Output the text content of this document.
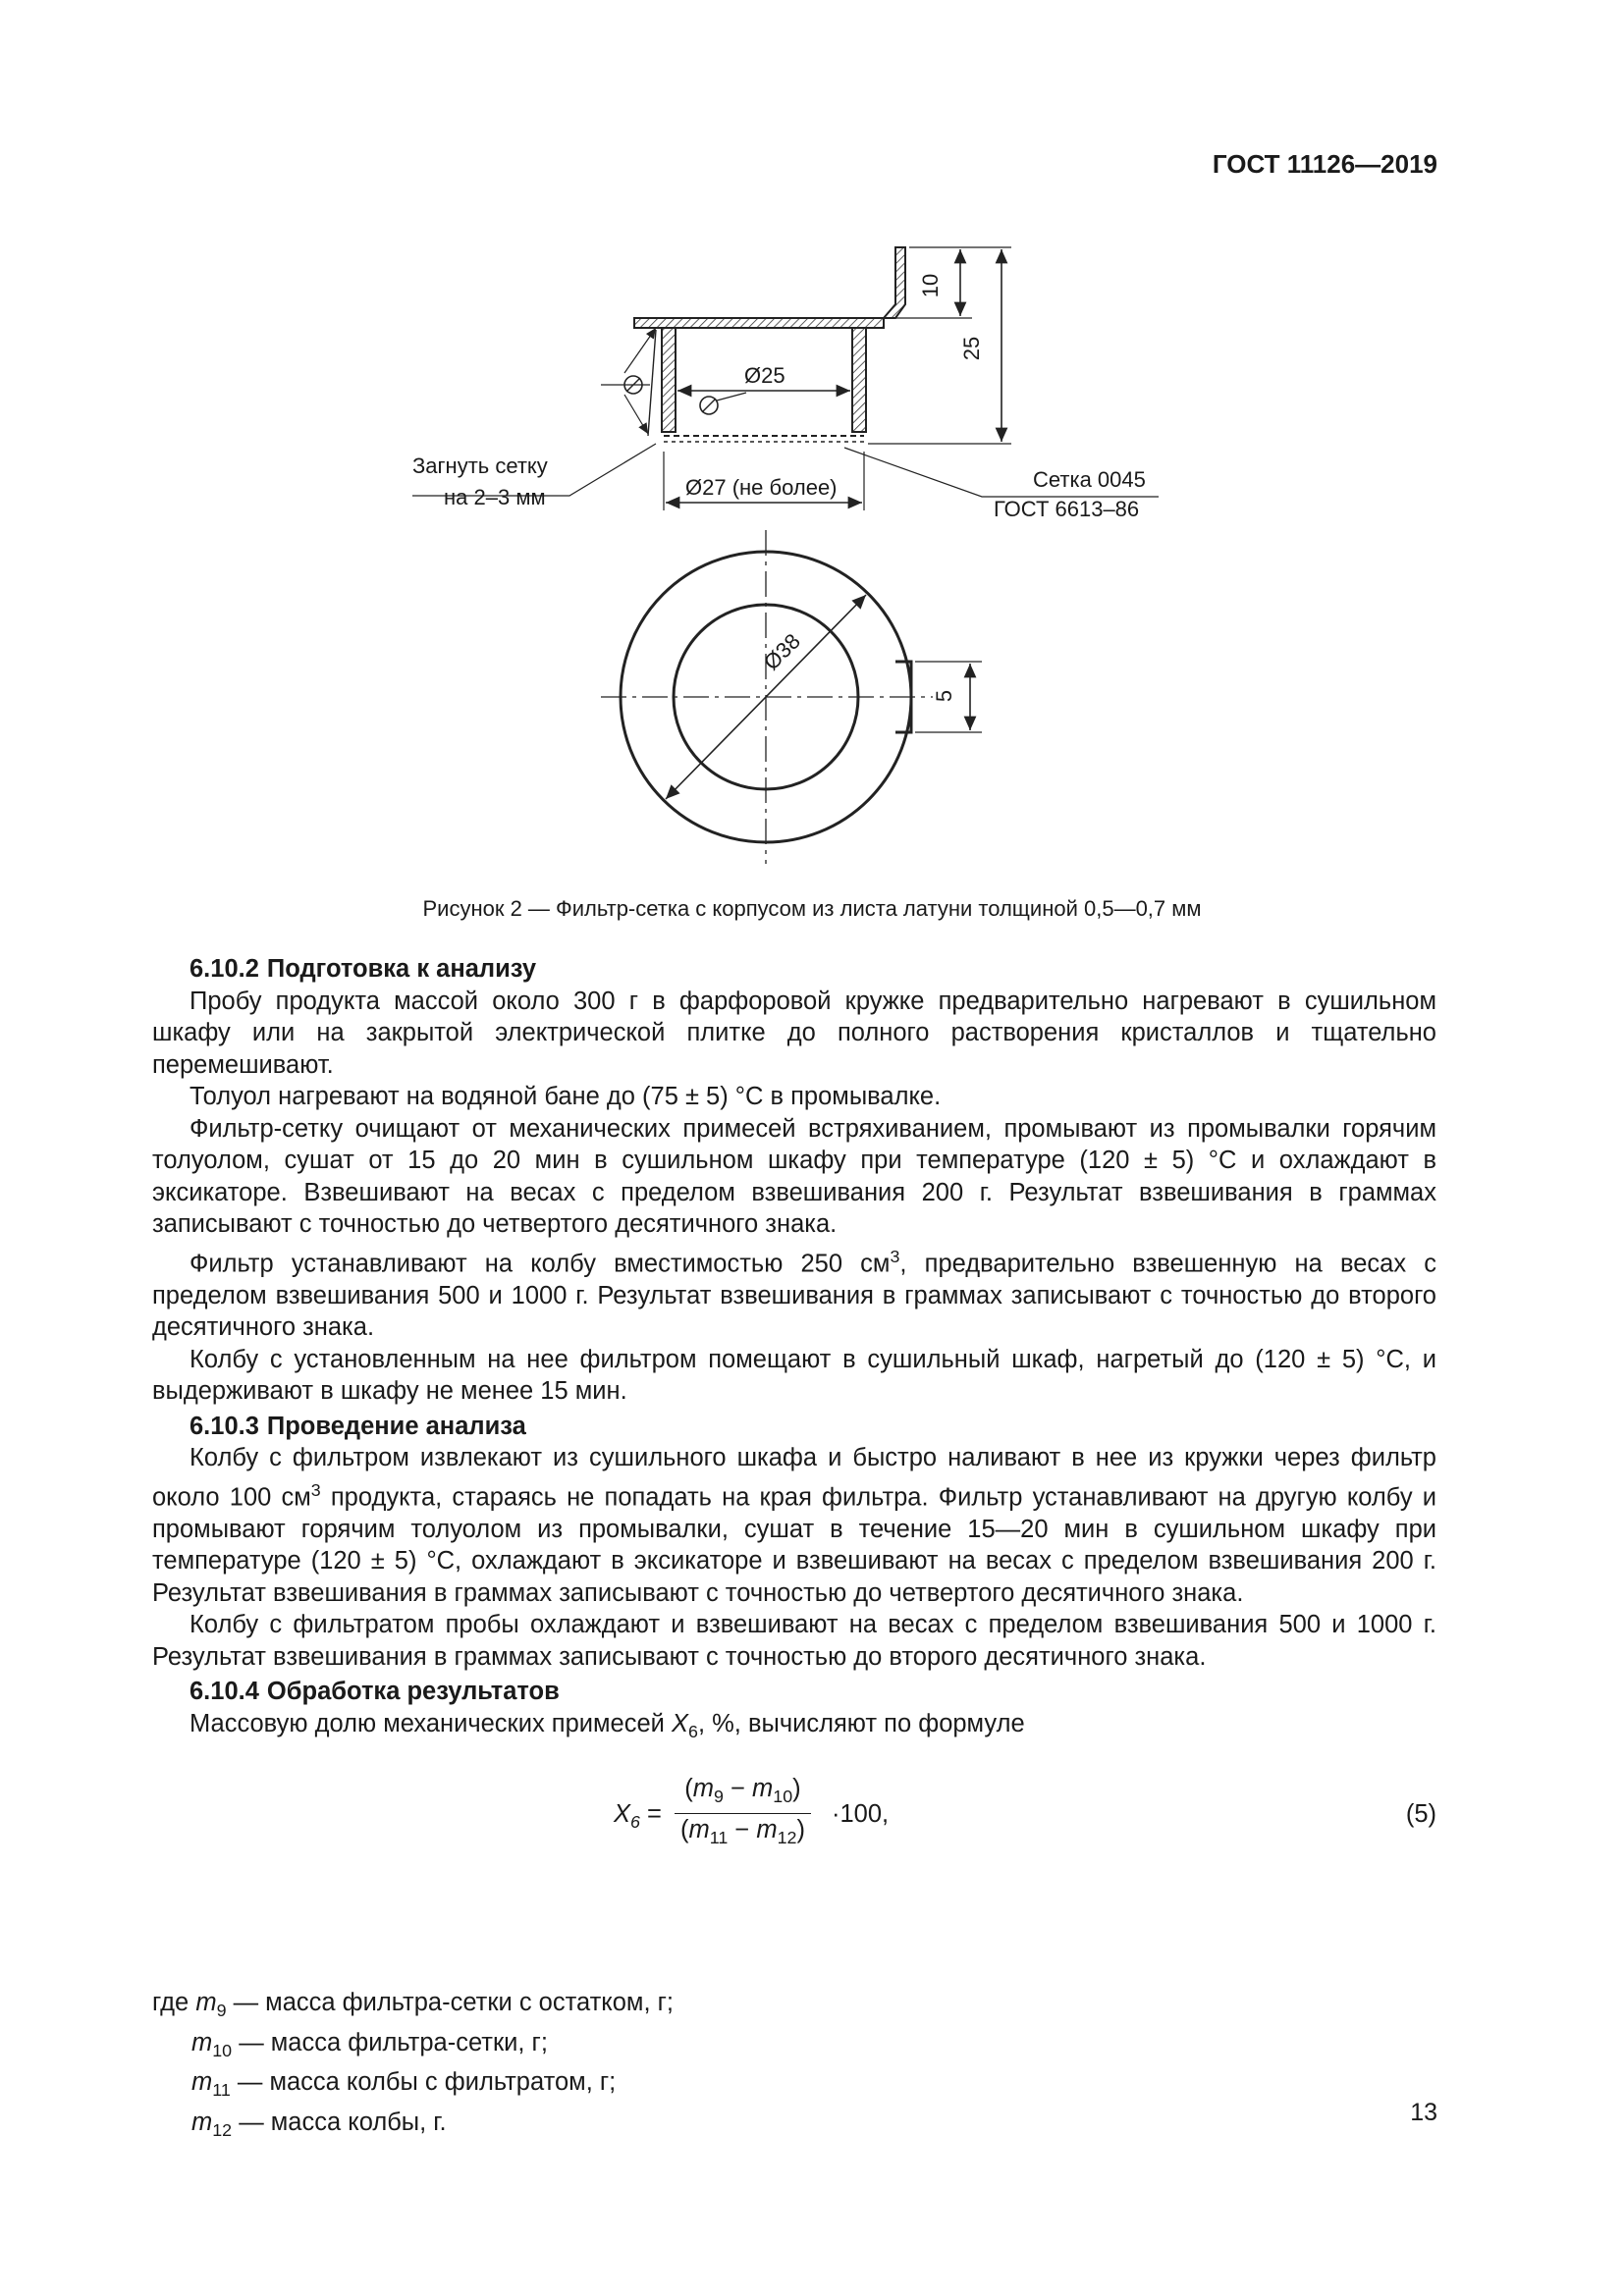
ГОСТ 11126—2019
Ø25
Ø27 (не более)
Загнуть сетку
на 2–3 мм
Сетка 0045
ГОСТ 6613–86
10
25
Ø38
5
Рисунок 2 — Фильтр-сетка с корпусом из листа латуни толщиной 0,5—0,7 мм
6.10.2 Подготовка к анализу

Пробу продукта массой около 300 г в фарфоровой кружке предварительно нагревают в сушильном шкафу или на закрытой электрической плитке до полного растворения кристаллов и тщательно перемешивают.

Толуол нагревают на водяной бане до (75 ± 5) °С в промывалке.

Фильтр-сетку очищают от механических примесей встряхиванием, промывают из промывалки горячим толуолом, сушат от 15 до 20 мин в сушильном шкафу при температуре (120 ± 5) °С и охлаждают в эксикаторе. Взвешивают на весах с пределом взвешивания 200 г. Результат взвешивания в граммах записывают с точностью до четвертого десятичного знака.

Фильтр устанавливают на колбу вместимостью 250 $см^3$, предварительно взвешенную на весах с пределом взвешивания 500 и 1000 г. Результат взвешивания в граммах записывают с точностью до второго десятичного знака.

Колбу с установленным на нее фильтром помещают в сушильный шкаф, нагретый до (120 ± 5) °С, и выдерживают в шкафу не менее 15 мин.

6.10.3 Проведение анализа

Колбу с фильтром извлекают из сушильного шкафа и быстро наливают в нее из кружки через фильтр около 100 $см^3$ продукта, стараясь не попадать на края фильтра. Фильтр устанавливают на другую колбу и промывают горячим толуолом из промывалки, сушат в течение 15—20 мин в сушильном шкафу при температуре (120 ± 5) °С, охлаждают в эксикаторе и взвешивают на весах с пределом взвешивания 200 г. Результат взвешивания в граммах записывают с точностью до четвертого десятичного знака.

Колбу с фильтратом пробы охлаждают и взвешивают на весах с пределом взвешивания 500 и 1000 г. Результат взвешивания в граммах записывают с точностью до второго десятичного знака.

6.10.4 Обработка результатов

Массовую долю механических примесей $X_6$, %, вычисляют по формуле

$X_6 = \frac{(m_9 - m_{10})}{(m_{11} - m_{12})} \cdot 100$,	(5)

где $m_9$ — масса фильтра-сетки с остатком, г;

$m_{10}$ — масса фильтра-сетки, г;

$m_{11}$ — масса колбы с фильтратом, г;

$m_{12}$ — масса колбы, г.	13
